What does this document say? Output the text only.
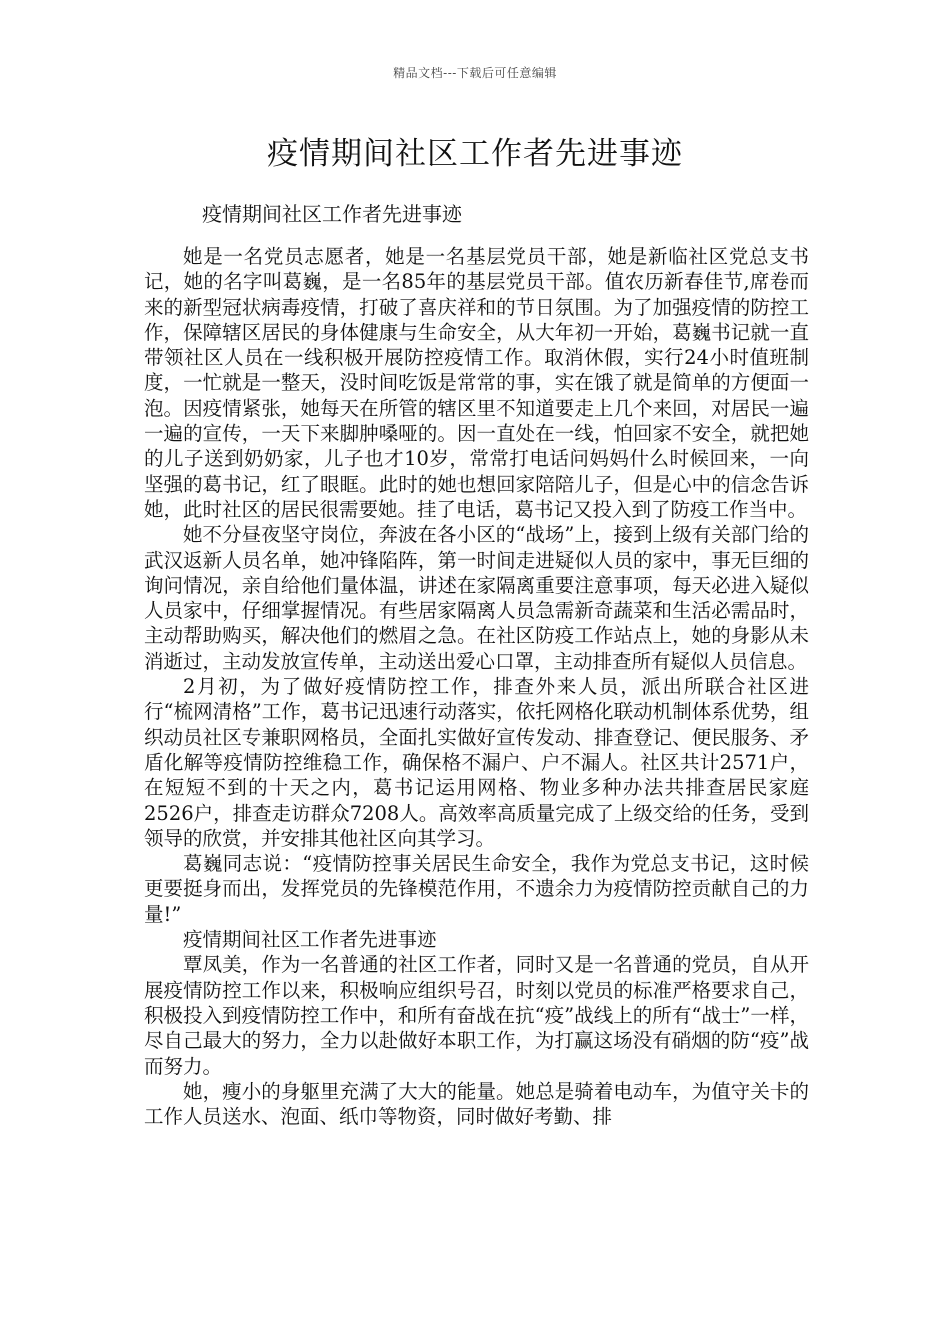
精品文档---下载后可任意编辑
疫情期间社区工作者先进事迹
疫情期间社区工作者先进事迹

她是一名党员志愿者，她是一名基层党员干部，她是新临社区党总支书记，她的名字叫葛巍，是一名85年的基层党员干部。值农历新春佳节,席卷而来的新型冠状病毒疫情，打破了喜庆祥和的节日氛围。为了加强疫情的防控工作，保障辖区居民的身体健康与生命安全，从大年初一开始，葛巍书记就一直带领社区人员在一线积极开展防控疫情工作。取消休假，实行24小时值班制度，一忙就是一整天，没时间吃饭是常常的事，实在饿了就是简单的方便面一泡。因疫情紧张，她每天在所管的辖区里不知道要走上几个来回，对居民一遍一遍的宣传，一天下来脚肿嗓哑的。因一直处在一线，怕回家不安全，就把她的儿子送到奶奶家，儿子也才10岁，常常打电话问妈妈什么时候回来，一向坚强的葛书记，红了眼眶。此时的她也想回家陪陪儿子，但是心中的信念告诉她，此时社区的居民很需要她。挂了电话，葛书记又投入到了防疫工作当中。

她不分昼夜坚守岗位，奔波在各小区的“战场”上，接到上级有关部门给的武汉返新人员名单，她冲锋陷阵，第一时间走进疑似人员的家中，事无巨细的询问情况，亲自给他们量体温，讲述在家隔离重要注意事项，每天必进入疑似人员家中，仔细掌握情况。有些居家隔离人员急需新奇蔬菜和生活必需品时，主动帮助购买，解决他们的燃眉之急。在社区防疫工作站点上，她的身影从未消逝过，主动发放宣传单，主动送出爱心口罩，主动排查所有疑似人员信息。

2月初，为了做好疫情防控工作，排查外来人员，派出所联合社区进行“梳网清格”工作，葛书记迅速行动落实，依托网格化联动机制体系优势，组织动员社区专兼职网格员，全面扎实做好宣传发动、排查登记、便民服务、矛盾化解等疫情防控维稳工作，确保格不漏户、户不漏人。社区共计2571户，在短短不到的十天之内，葛书记运用网格、物业多种办法共排查居民家庭2526户，排查走访群众7208人。高效率高质量完成了上级交给的任务，受到领导的欣赏，并安排其他社区向其学习。

葛巍同志说：“疫情防控事关居民生命安全，我作为党总支书记，这时候更要挺身而出，发挥党员的先锋模范作用，不遗余力为疫情防控贡献自己的力量!”

疫情期间社区工作者先进事迹

覃凤美，作为一名普通的社区工作者，同时又是一名普通的党员，自从开展疫情防控工作以来，积极响应组织号召，时刻以党员的标准严格要求自己，积极投入到疫情防控工作中，和所有奋战在抗“疫”战线上的所有“战士”一样，尽自己最大的努力，全力以赴做好本职工作，为打赢这场没有硝烟的防“疫”战而努力。

她，瘦小的身躯里充满了大大的能量。她总是骑着电动车，为值守关卡的工作人员送水、泡面、纸巾等物资，同时做好考勤、排
